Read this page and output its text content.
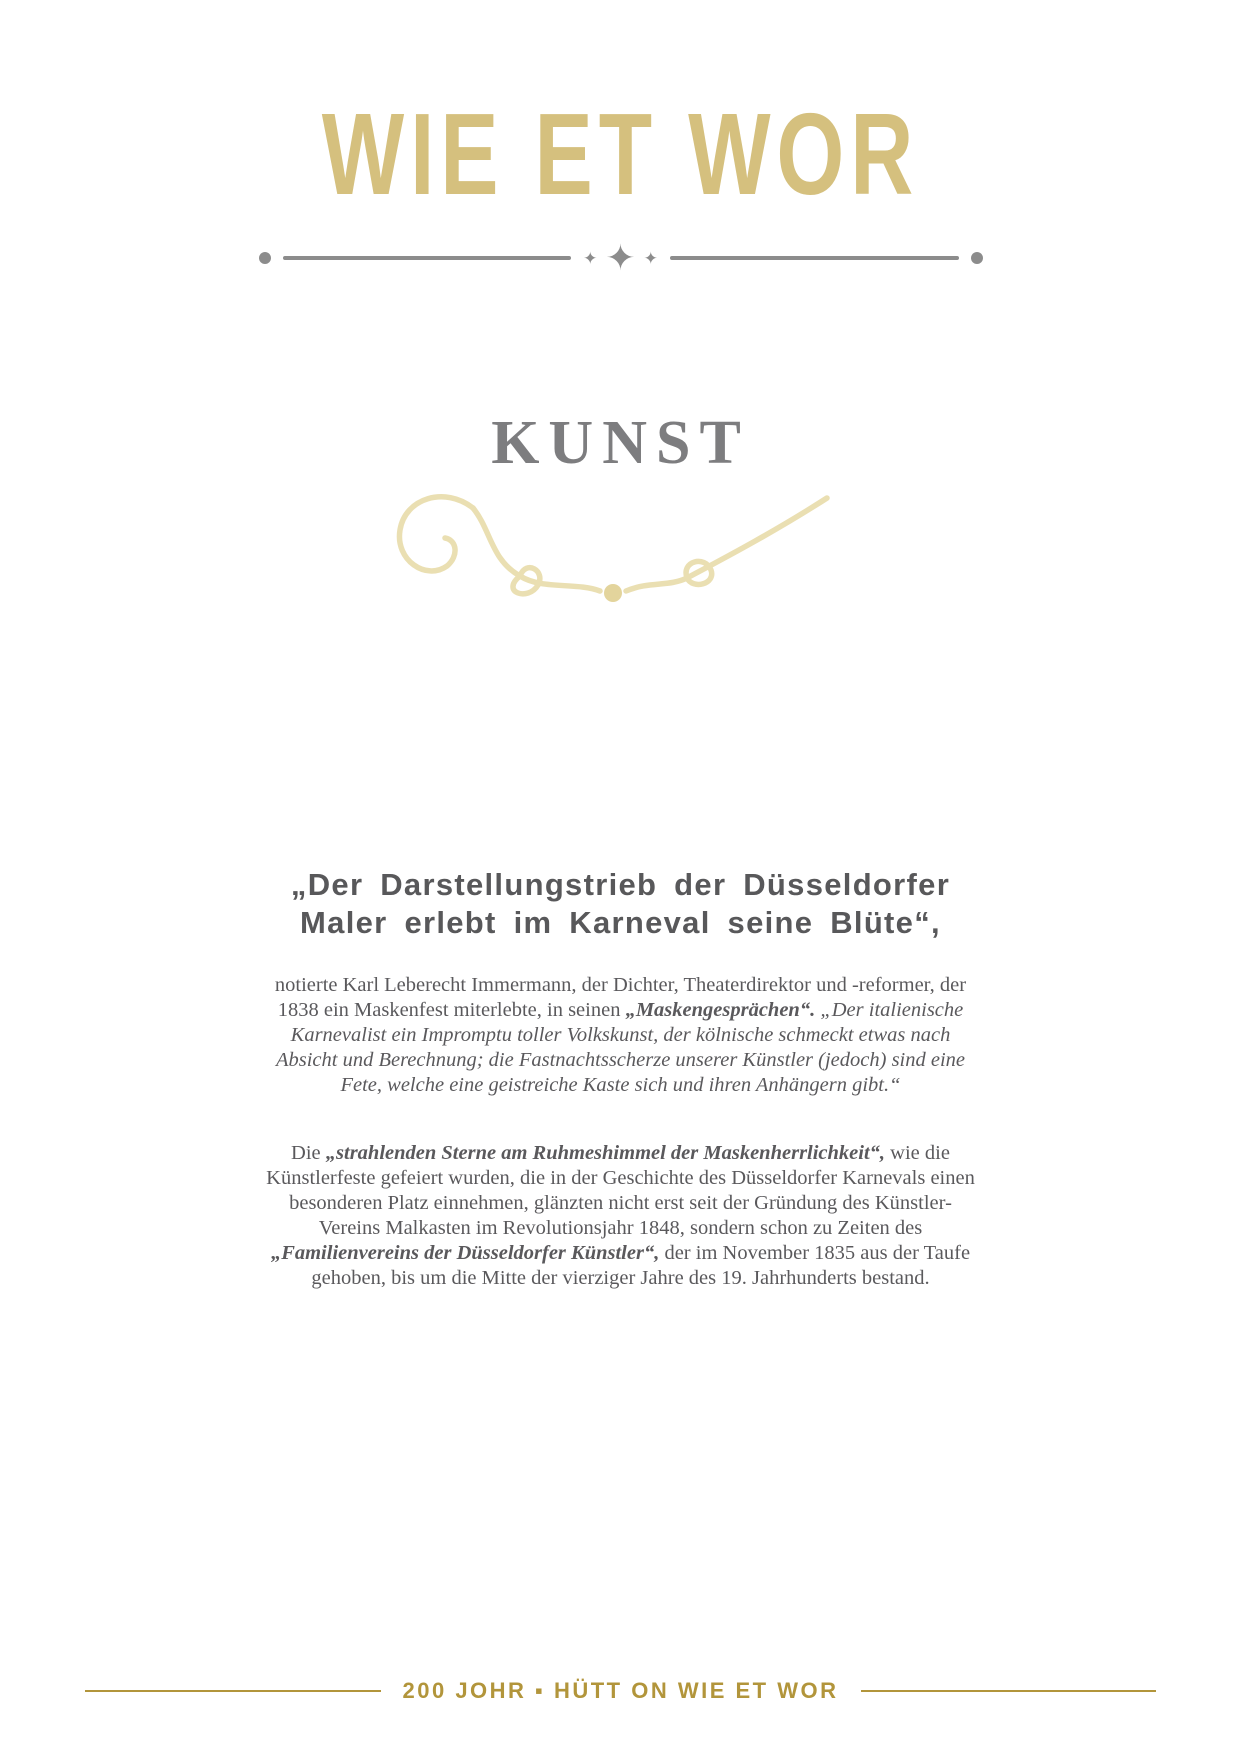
WIE ET WOR
✦ ✦ ✦
KUNST
„Der Darstellungstrieb der Düsseldorfer
Maler erlebt im Karneval seine Blüte“,

notierte Karl Leberecht Immermann, der Dichter, Theaterdirektor und -reformer, der 1838 ein Maskenfest miterlebte, in seinen „Maskengesprächen“. „Der italienische Karnevalist ein Impromptu toller Volkskunst, der kölnische schmeckt etwas nach Absicht und Berechnung; die Fastnachtsscherze unserer Künstler (jedoch) sind eine Fete, welche eine geistreiche Kaste sich und ihren Anhängern gibt.“

Die „strahlenden Sterne am Ruhmeshimmel der Maskenherrlichkeit“, wie die Künstlerfeste gefeiert wurden, die in der Geschichte des Düsseldorfer Karnevals einen besonderen Platz einnehmen, glänzten nicht erst seit der Gründung des Künstler-Vereins Malkasten im Revolutionsjahr 1848, sondern schon zu Zeiten des „Familienvereins der Düsseldorfer Künstler“, der im November 1835 aus der Taufe gehoben, bis um die Mitte der vierziger Jahre des 19. Jahrhunderts bestand.

200 JOHR ▪ HÜTT ON WIE ET WOR
